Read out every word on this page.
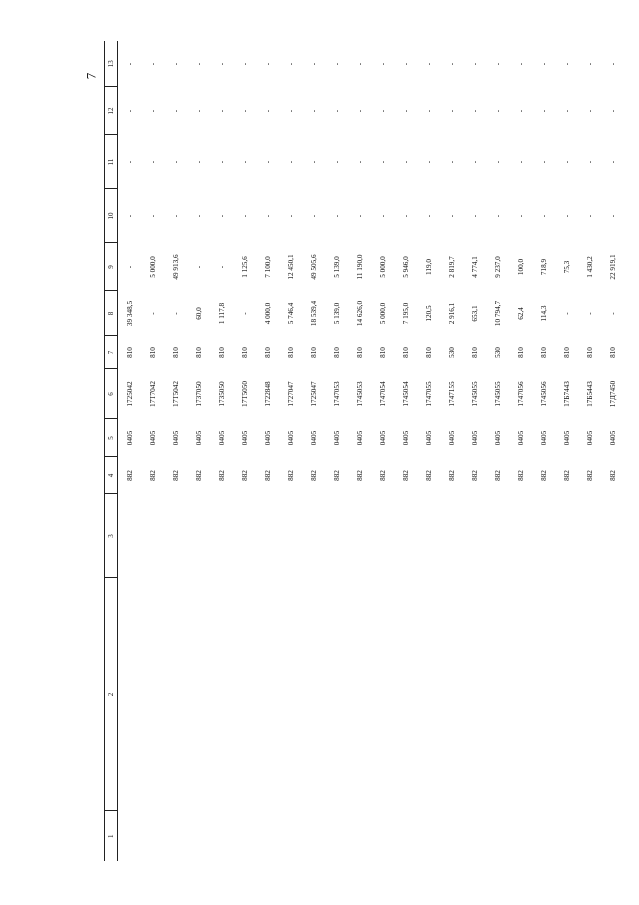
7
1	2	3	4	5	6	7	8	9	10	11	12	13
			882	0405	1725042	810	39 348,5	-	-	-	-	-
			882	0405	17Т7042	810	-	5 000,0	-	-	-	-
			882	0405	17Т5042	810	-	49 913,6	-	-	-	-
			882	0405	1737050	810	60,0	-	-	-	-	-
			882	0405	1735050	810	1 117,8	-	-	-	-	-
			882	0405	17Т5050	810	-	1 125,6	-	-	-	-
			882	0405	1722848	810	4 000,0	7 100,0	-	-	-	-
			882	0405	1727047	810	5 746,4	12 450,1	-	-	-	-
			882	0405	1725047	810	18 539,4	49 505,6	-	-	-	-
			882	0405	1747053	810	5 139,0	5 139,0	-	-	-	-
			882	0405	1745053	810	14 626,0	11 190,0	-	-	-	-
			882	0405	1747054	810	5 000,0	5 000,0	-	-	-	-
			882	0405	1745054	810	7 195,0	5 946,0	-	-	-	-
			882	0405	1747055	810	120,5	119,0	-	-	-	-
			882	0405	1747155	530	2 916,1	2 819,7	-	-	-	-
			882	0405	1745055	810	653,1	4 774,1	-	-	-	-
			882	0405	1745055	530	10 794,7	9 237,0	-	-	-	-
			882	0405	1747056	810	62,4	100,0	-	-	-	-
			882	0405	1745056	810	114,3	718,9	-	-	-	-
			882	0405	17Б7443	810	-	75,3	-	-	-	-
			882	0405	17Б5443	810	-	1 430,2	-	-	-	-
			882	0405	17Д7450	810	-	22 919,1	-	-	-	-
